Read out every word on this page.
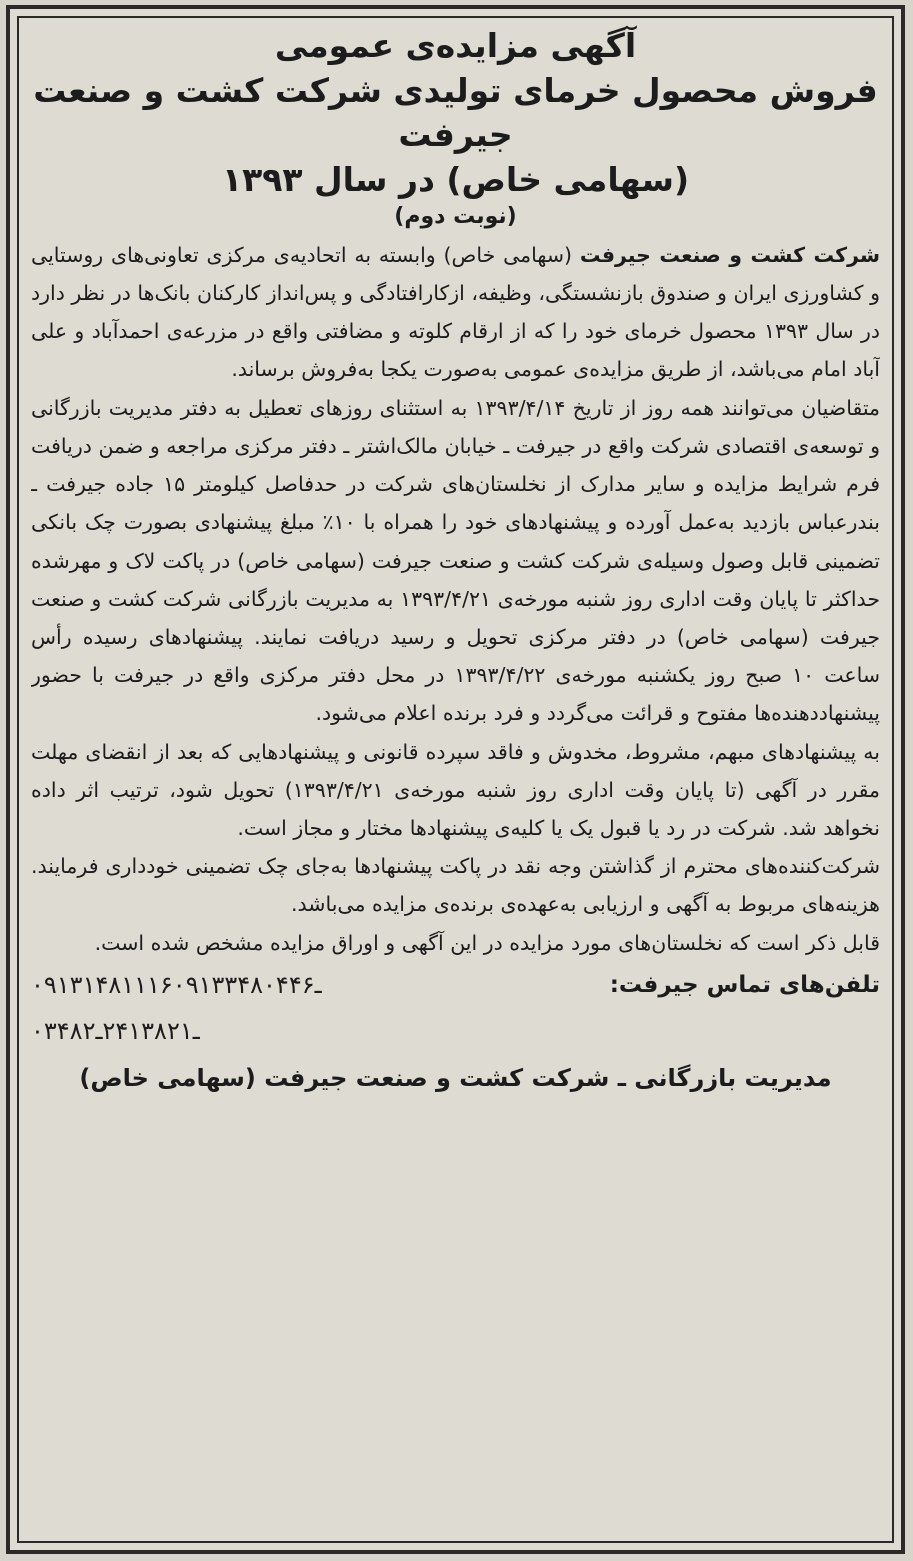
آگهی مزایده‌ی عمومی

فروش محصول خرمای تولیدی شرکت کشت و صنعت جیرفت

(سهامی خاص) در سال ۱۳۹۳

(نوبت دوم)

شرکت کشت و صنعت جیرفت (سهامی خاص) وابسته به اتحادیه‌ی مرکزی تعاونی‌های روستایی و کشاورزی ایران و صندوق بازنشستگی، وظیفه، ازکارافتادگی و پس‌انداز کارکنان بانک‌ها در نظر دارد در سال ۱۳۹۳ محصول خرمای خود را که از ارقام کلوته و مضافتی واقع در مزرعه‌ی احمدآباد و علی آباد امام می‌باشد، از طریق مزایده‌ی عمومی به‌صورت یکجا به‌فروش برساند.

متقاضیان می‌توانند همه روز از تاریخ ۱۳۹۳/۴/۱۴ به استثنای روزهای تعطیل به دفتر مدیریت بازرگانی و توسعه‌ی اقتصادی شرکت واقع در جیرفت ـ خیابان مالک‌اشتر ـ دفتر مرکزی مراجعه و ضمن دریافت فرم شرایط مزایده و سایر مدارک از نخلستان‌های شرکت در حدفاصل کیلومتر ۱۵ جاده جیرفت ـ بندرعباس بازدید به‌عمل آورده و پیشنهادهای خود را همراه با ۱۰٪ مبلغ پیشنهادی بصورت چک بانکی تضمینی قابل وصول وسیله‌ی شرکت کشت و صنعت جیرفت (سهامی خاص) در پاکت لاک و مهرشده حداکثر تا پایان وقت اداری روز شنبه مورخه‌ی ۱۳۹۳/۴/۲۱ به مدیریت بازرگانی شرکت کشت و صنعت جیرفت (سهامی خاص) در دفتر مرکزی تحویل و رسید دریافت نمایند. پیشنهادهای رسیده رأس ساعت ۱۰ صبح روز یکشنبه مورخه‌ی ۱۳۹۳/۴/۲۲ در محل دفتر مرکزی واقع در جیرفت با حضور پیشنهاددهنده‌ها مفتوح و قرائت می‌گردد و فرد برنده اعلام می‌شود.

به پیشنهادهای مبهم، مشروط، مخدوش و فاقد سپرده قانونی و پیشنهادهایی که بعد از انقضای مهلت مقرر در آگهی (تا پایان وقت اداری روز شنبه مورخه‌ی ۱۳۹۳/۴/۲۱) تحویل شود، ترتیب اثر داده نخواهد شد. شرکت در رد یا قبول یک یا کلیه‌ی پیشنهادها مختار و مجاز است.

شرکت‌کننده‌های محترم از گذاشتن وجه نقد در پاکت پیشنهادها به‌جای چک تضمینی خودداری فرمایند. هزینه‌های مربوط به آگهی و ارزیابی به‌عهده‌ی برنده‌ی مزایده می‌باشد.

قابل ذکر است که نخلستان‌های مورد مزایده در این آگهی و اوراق مزایده مشخص شده است.

تلفن‌های تماس جیرفت:

۰۹۱۳۱۴۸۱۱۱۶ـ۰۹۱۳۳۴۸۰۴۴۶

۰۳۴۸ـ۲۴۱۳۸۲۱ـ۲

مدیریت بازرگانی ـ شرکت کشت و صنعت جیرفت (سهامی خاص)
